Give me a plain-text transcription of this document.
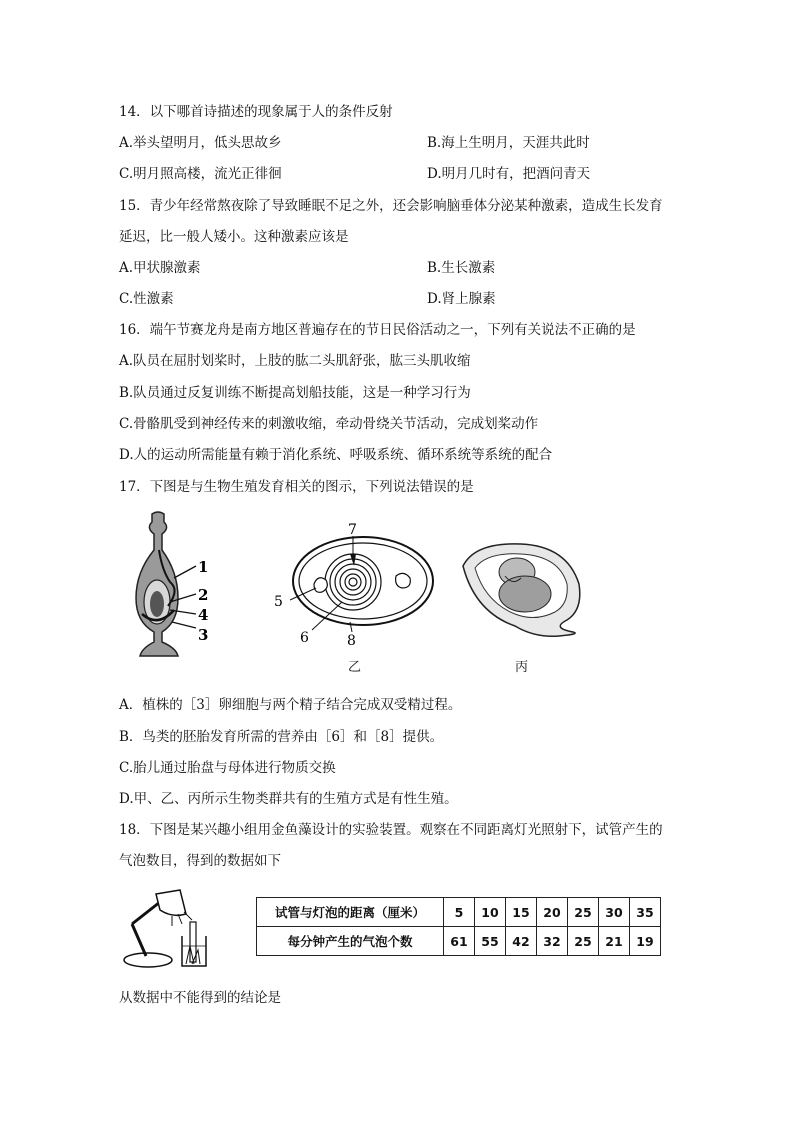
14．以下哪首诗描述的现象属于人的条件反射
A.举头望明月，低头思故乡	B.海上生明月，天涯共此时
C.明月照高楼，流光正徘徊	D.明月几时有，把酒问青天
15．青少年经常熬夜除了导致睡眠不足之外，还会影响脑垂体分泌某种激素，造成生长发育
延迟，比一般人矮小。这种激素应该是
A.甲状腺激素	B.生长激素
C.性激素	D.肾上腺素
16．端午节赛龙舟是南方地区普遍存在的节日民俗活动之一，下列有关说法不正确的是
A.队员在屈肘划桨时，上肢的肱二头肌舒张，肱三头肌收缩
B.队员通过反复训练不断提高划船技能，这是一种学习行为
C.骨骼肌受到神经传来的刺激收缩，牵动骨绕关节活动，完成划桨动作
D.人的运动所需能量有赖于消化系统、呼吸系统、循环系统等系统的配合
17．下图是与生物生殖发育相关的图示，下列说法错误的是
1
2
4
3
7
5
6	8
乙	丙
A．植株的［3］卵细胞与两个精子结合完成双受精过程。
B．鸟类的胚胎发育所需的营养由［6］和［8］提供。
C.胎儿通过胎盘与母体进行物质交换
D.甲、乙、丙所示生物类群共有的生殖方式是有性生殖。
18．下图是某兴趣小组用金鱼藻设计的实验装置。观察在不同距离灯光照射下，试管产生的
气泡数目，得到的数据如下
试管与灯泡的距离（厘米）	5	10	15	20	25	30	35
每分钟产生的气泡个数	61	55	42	32	25	21	19
从数据中不能得到的结论是
